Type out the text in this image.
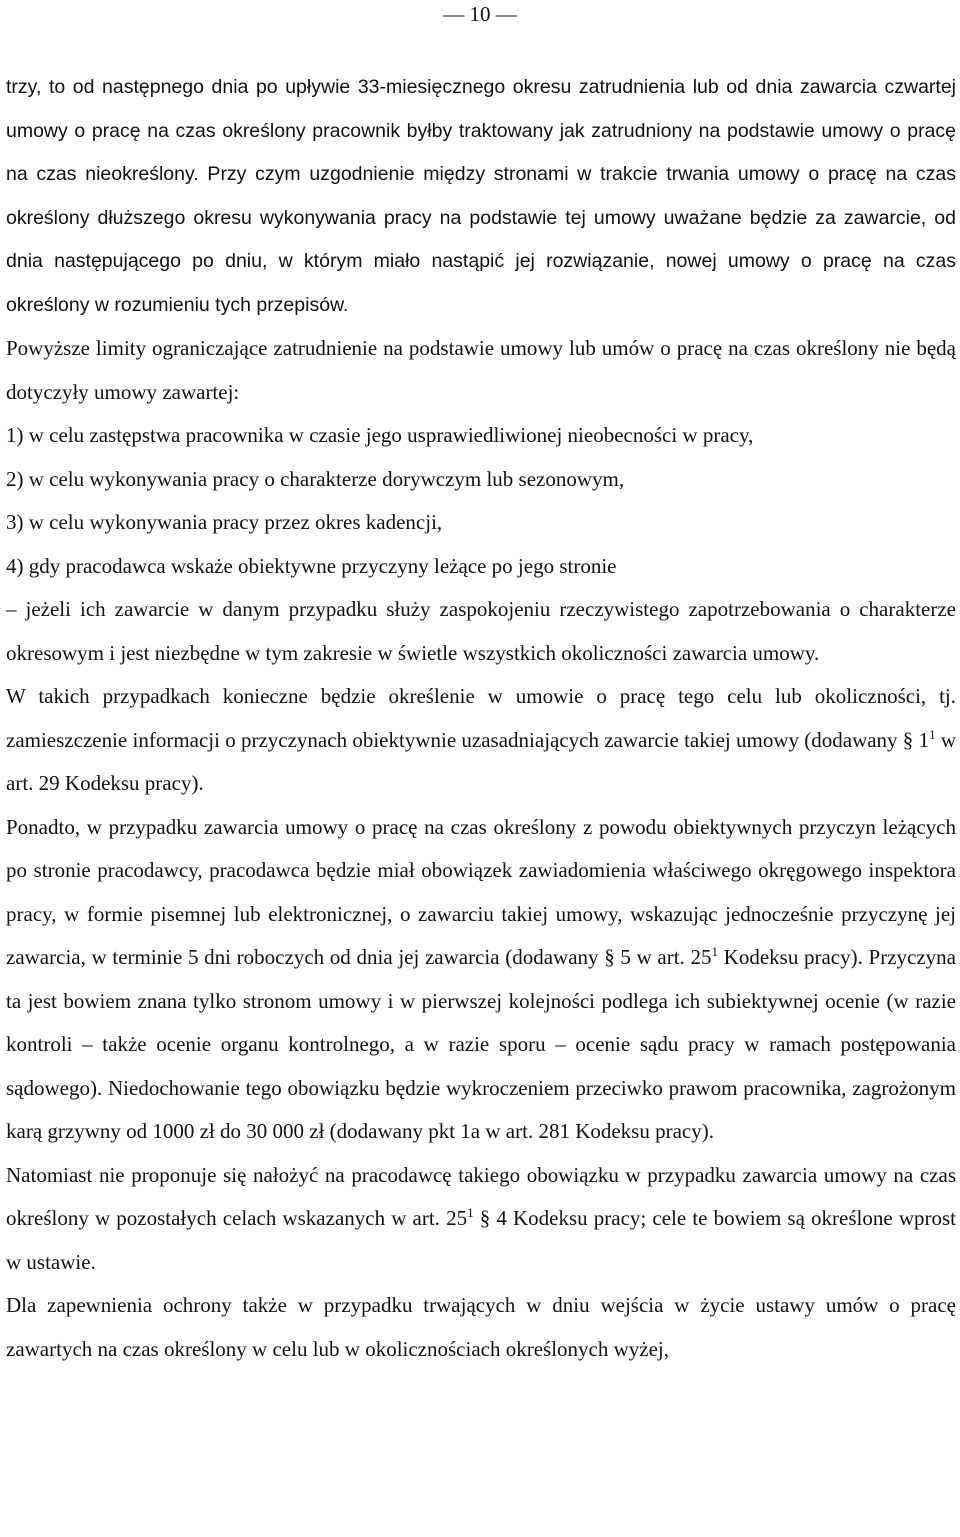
— 10 —

trzy, to od następnego dnia po upływie 33-miesięcznego okresu zatrudnienia lub od dnia zawarcia czwartej umowy o pracę na czas określony pracownik byłby traktowany jak zatrudniony na podstawie umowy o pracę na czas nieokreślony. Przy czym uzgodnienie między stronami w trakcie trwania umowy o pracę na czas określony dłuższego okresu wykonywania pracy na podstawie tej umowy uważane będzie za zawarcie, od dnia następującego po dniu, w którym miało nastąpić jej rozwiązanie, nowej umowy o pracę na czas określony w rozumieniu tych przepisów.

Powyższe limity ograniczające zatrudnienie na podstawie umowy lub umów o pracę na czas określony nie będą dotyczyły umowy zawartej:

1) w celu zastępstwa pracownika w czasie jego usprawiedliwionej nieobecności w pracy,

2) w celu wykonywania pracy o charakterze dorywczym lub sezonowym,

3) w celu wykonywania pracy przez okres kadencji,

4) gdy pracodawca wskaże obiektywne przyczyny leżące po jego stronie

– jeżeli ich zawarcie w danym przypadku służy zaspokojeniu rzeczywistego zapotrzebowania o charakterze okresowym i jest niezbędne w tym zakresie w świetle wszystkich okoliczności zawarcia umowy.

W takich przypadkach konieczne będzie określenie w umowie o pracę tego celu lub okoliczności, tj. zamieszczenie informacji o przyczynach obiektywnie uzasadniających zawarcie takiej umowy (dodawany § $1^1$ w art. 29 Kodeksu pracy).

Ponadto, w przypadku zawarcia umowy o pracę na czas określony z powodu obiektywnych przyczyn leżących po stronie pracodawcy, pracodawca będzie miał obowiązek zawiadomienia właściwego okręgowego inspektora pracy, w formie pisemnej lub elektronicznej, o zawarciu takiej umowy, wskazując jednocześnie przyczynę jej zawarcia, w terminie 5 dni roboczych od dnia jej zawarcia (dodawany § 5 w art. $25^1$ Kodeksu pracy). Przyczyna ta jest bowiem znana tylko stronom umowy i w pierwszej kolejności podlega ich subiektywnej ocenie (w razie kontroli – także ocenie organu kontrolnego, a w razie sporu – ocenie sądu pracy w ramach postępowania sądowego). Niedochowanie tego obowiązku będzie wykroczeniem przeciwko prawom pracownika, zagrożonym karą grzywny od 1000 zł do 30 000 zł (dodawany pkt 1a w art. 281 Kodeksu pracy).

Natomiast nie proponuje się nałożyć na pracodawcę takiego obowiązku w przypadku zawarcia umowy na czas określony w pozostałych celach wskazanych w art. $25^1$ § 4 Kodeksu pracy; cele te bowiem są określone wprost w ustawie.

Dla zapewnienia ochrony także w przypadku trwających w dniu wejścia w życie ustawy umów o pracę zawartych na czas określony w celu lub w okolicznościach określonych wyżej,
